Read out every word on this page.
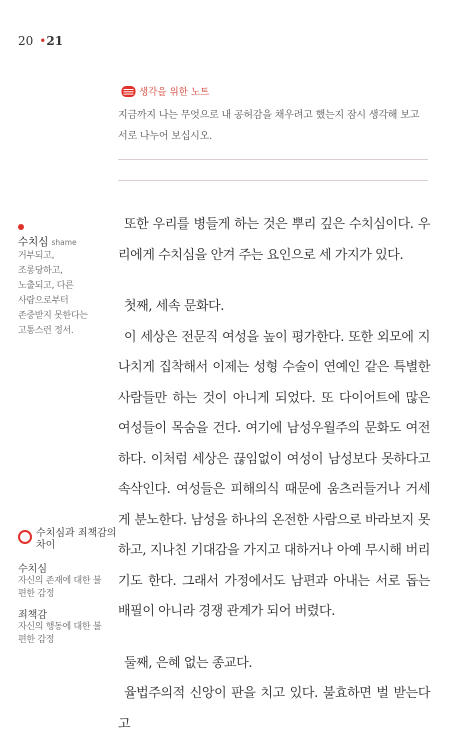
20 •21
생각을 위한 노트
지금까지 나는 무엇으로 내 공허감을 채우려고 했는지 잠시 생각해 보고 서로 나누어 보십시오.
수치심 shame
거부되고, 조롱당하고, 노출되고, 다른 사람으로부터 존중받지 못한다는 고통스런 정서.
수치심과 죄책감의 차이
수치심
자신의 존재에 대한 불편한 감정
죄책감
자신의 행동에 대한 불편한 감정

또한 우리를 병들게 하는 것은 뿌리 깊은 수치심이다. 우리에게 수치심을 안겨 주는 요인으로 세 가지가 있다.

첫째, 세속 문화다.

이 세상은 전문직 여성을 높이 평가한다. 또한 외모에 지나치게 집착해서 이제는 성형 수술이 연예인 같은 특별한 사람들만 하는 것이 아니게 되었다. 또 다이어트에 많은 여성들이 목숨을 건다. 여기에 남성우월주의 문화도 여전하다. 이처럼 세상은 끊임없이 여성이 남성보다 못하다고 속삭인다. 여성들은 피해의식 때문에 움츠러들거나 거세게 분노한다. 남성을 하나의 온전한 사람으로 바라보지 못하고, 지나친 기대감을 가지고 대하거나 아예 무시해 버리기도 한다. 그래서 가정에서도 남편과 아내는 서로 돕는 배필이 아니라 경쟁 관계가 되어 버렸다.

둘째, 은혜 없는 종교다.

율법주의적 신앙이 판을 치고 있다. 불효하면 벌 받는다고
